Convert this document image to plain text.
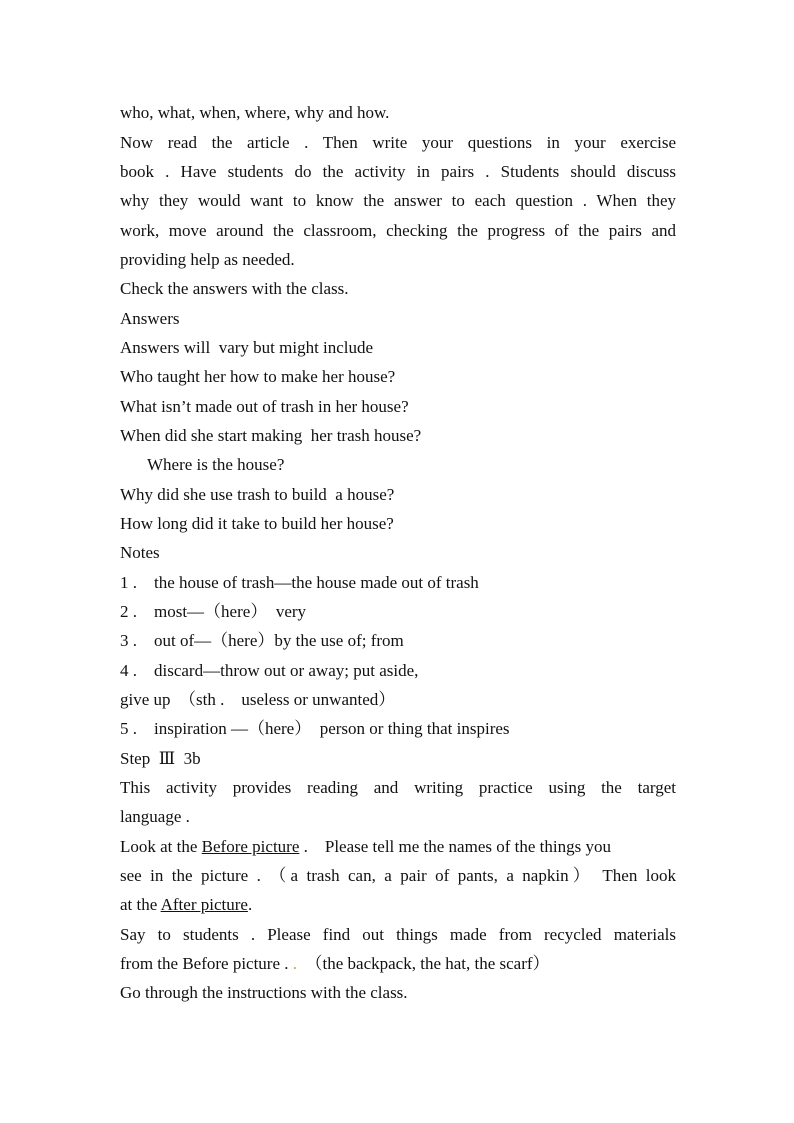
who, what, when, where, why and how.
Now read the article . Then write your questions in your exercise
book . Have students do the activity in pairs . Students should discuss
why they would want to know the answer to each question . When they
work, move around the classroom, checking the progress of the pairs and
providing help as needed.
Check the answers with the class.
Answers
Answers will  vary but might include
Who taught her how to make her house?
What isn’t made out of trash in her house?
When did she start making  her trash house?
Where is the house?
Why did she use trash to build  a house?
How long did it take to build her house?
Notes
1 .    the house of trash—the house made out of trash
2 .    most—（here）  very
3 .    out of—（here）by the use of; from
4 .    discard—throw out or away; put aside,
give up  （sth .    useless or unwanted）
5 .    inspiration —（here）  person or thing that inspires
Step  Ⅲ  3b
This activity provides reading and writing practice using the target
language .
Look at the Before picture .    Please tell me the names of the things you
see in the picture . （a trash can, a pair of pants, a napkin） Then look
at the After picture.
Say to students . Please find out things made from recycled materials
from the Before picture . .  （the backpack, the hat, the scarf）
Go through the instructions with the class.
